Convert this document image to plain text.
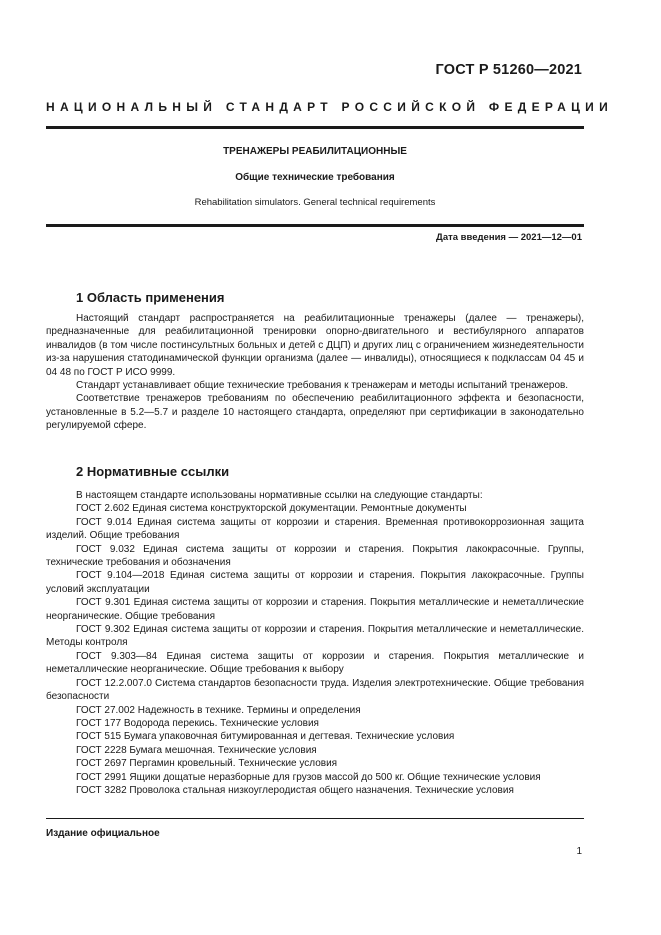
ГОСТ Р 51260—2021
НАЦИОНАЛЬНЫЙ СТАНДАРТ РОССИЙСКОЙ ФЕДЕРАЦИИ
ТРЕНАЖЕРЫ РЕАБИЛИТАЦИОННЫЕ
Общие технические требования
Rehabilitation simulators. General technical requirements
Дата введения — 2021—12—01
1 Область применения

Настоящий стандарт распространяется на реабилитационные тренажеры (далее — тренажеры), предназначенные для реабилитационной тренировки опорно-двигательного и вестибулярного аппаратов инвалидов (в том числе постинсультных больных и детей с ДЦП) и других лиц с ограничением жизнедеятельности из-за нарушения статодинамической функции организма (далее — инвалиды), относящиеся к подклассам 04 45 и 04 48 по ГОСТ Р ИСО 9999.

Стандарт устанавливает общие технические требования к тренажерам и методы испытаний тренажеров.

Соответствие тренажеров требованиям по обеспечению реабилитационного эффекта и безопасности, установленные в 5.2—5.7 и разделе 10 настоящего стандарта, определяют при сертификации в законодательно регулируемой сфере.

2 Нормативные ссылки

В настоящем стандарте использованы нормативные ссылки на следующие стандарты:

ГОСТ 2.602 Единая система конструкторской документации. Ремонтные документы

ГОСТ 9.014 Единая система защиты от коррозии и старения. Временная противокоррозионная защита изделий. Общие требования

ГОСТ 9.032 Единая система защиты от коррозии и старения. Покрытия лакокрасочные. Группы, технические требования и обозначения

ГОСТ 9.104—2018 Единая система защиты от коррозии и старения. Покрытия лакокрасочные. Группы условий эксплуатации

ГОСТ 9.301 Единая система защиты от коррозии и старения. Покрытия металлические и неметаллические неорганические. Общие требования

ГОСТ 9.302 Единая система защиты от коррозии и старения. Покрытия металлические и неметаллические. Методы контроля

ГОСТ 9.303—84 Единая система защиты от коррозии и старения. Покрытия металлические и неметаллические неорганические. Общие требования к выбору

ГОСТ 12.2.007.0 Система стандартов безопасности труда. Изделия электротехнические. Общие требования безопасности

ГОСТ 27.002 Надежность в технике. Термины и определения

ГОСТ 177 Водорода перекись. Технические условия

ГОСТ 515 Бумага упаковочная битумированная и дегтевая. Технические условия

ГОСТ 2228 Бумага мешочная. Технические условия

ГОСТ 2697 Пергамин кровельный. Технические условия

ГОСТ 2991 Ящики дощатые неразборные для грузов массой до 500 кг. Общие технические условия

ГОСТ 3282 Проволока стальная низкоуглеродистая общего назначения. Технические условия

Издание официальное
1
